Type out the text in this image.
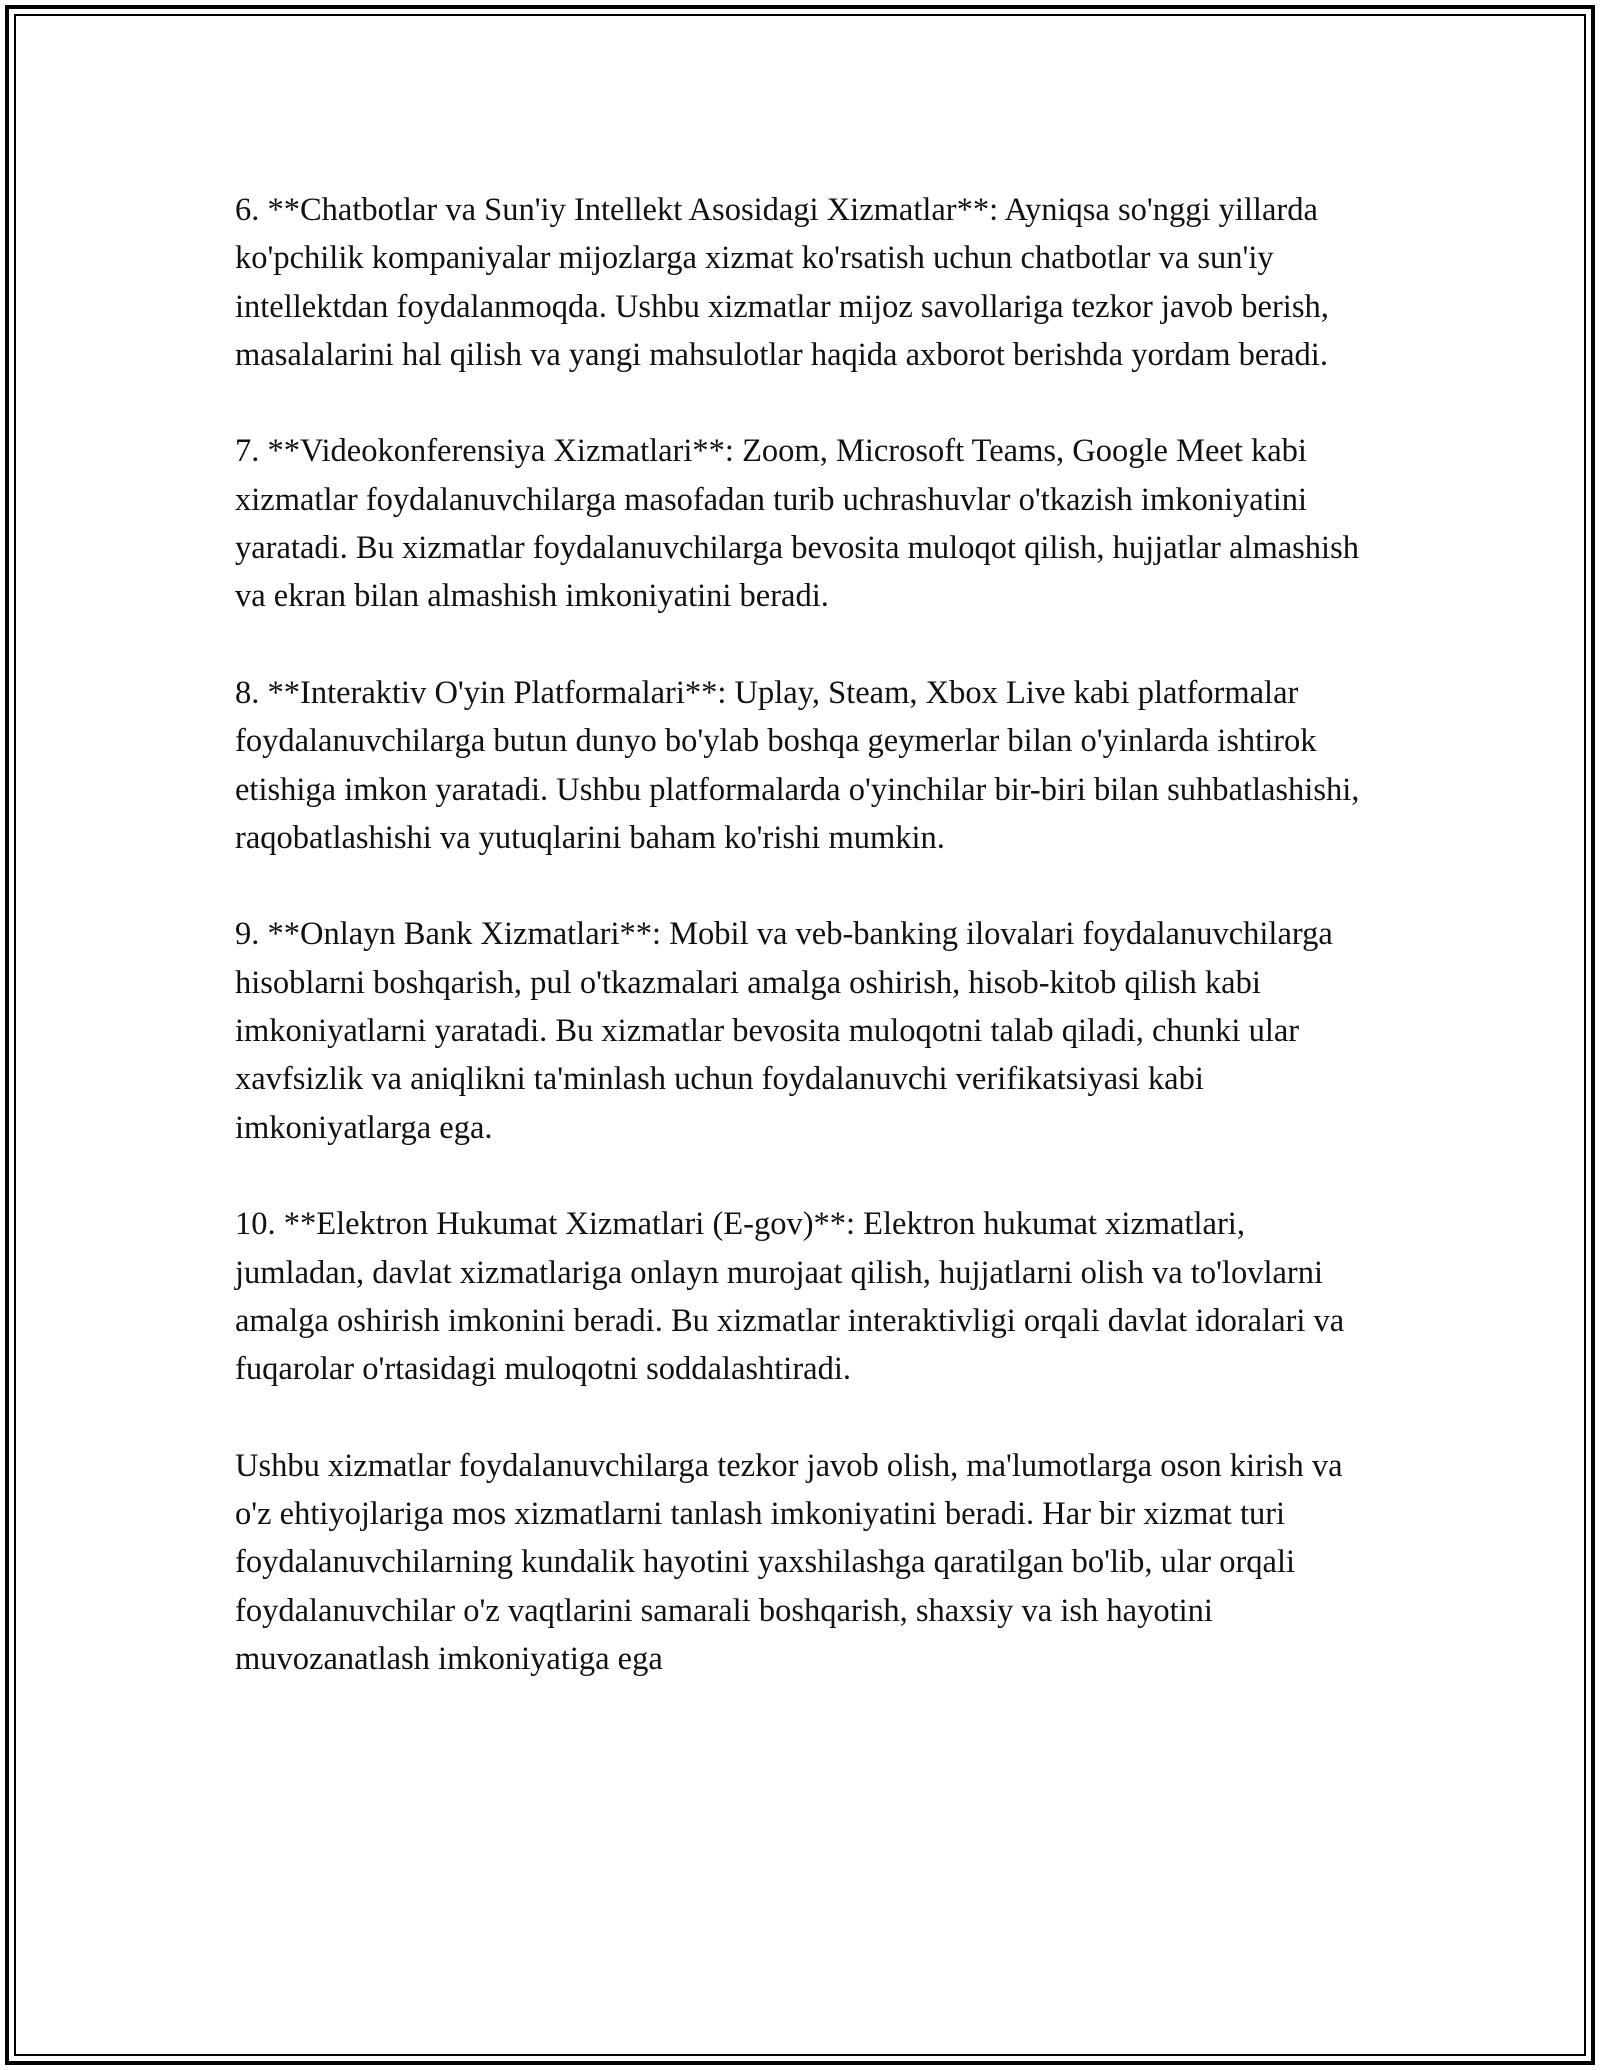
6. **Chatbotlar va Sun'iy Intellekt Asosidagi Xizmatlar**: Ayniqsa so'nggi yillarda ko'pchilik kompaniyalar mijozlarga xizmat ko'rsatish uchun chatbotlar va sun'iy intellektdan foydalanmoqda. Ushbu xizmatlar mijoz savollariga tezkor javob berish, masalalarini hal qilish va yangi mahsulotlar haqida axborot berishda yordam beradi.

7. **Videokonferensiya Xizmatlari**: Zoom, Microsoft Teams, Google Meet kabi xizmatlar foydalanuvchilarga masofadan turib uchrashuvlar o'tkazish imkoniyatini yaratadi. Bu xizmatlar foydalanuvchilarga bevosita muloqot qilish, hujjatlar almashish va ekran bilan almashish imkoniyatini beradi.

8. **Interaktiv O'yin Platformalari**: Uplay, Steam, Xbox Live kabi platformalar foydalanuvchilarga butun dunyo bo'ylab boshqa geymerlar bilan o'yinlarda ishtirok etishiga imkon yaratadi. Ushbu platformalarda o'yinchilar bir-biri bilan suhbatlashishi, raqobatlashishi va yutuqlarini baham ko'rishi mumkin.

9. **Onlayn Bank Xizmatlari**: Mobil va veb-banking ilovalari foydalanuvchilarga hisoblarni boshqarish, pul o'tkazmalari amalga oshirish, hisob-kitob qilish kabi imkoniyatlarni yaratadi. Bu xizmatlar bevosita muloqotni talab qiladi, chunki ular xavfsizlik va aniqlikni ta'minlash uchun foydalanuvchi verifikatsiyasi kabi imkoniyatlarga ega.

10. **Elektron Hukumat Xizmatlari (E-gov)**: Elektron hukumat xizmatlari, jumladan, davlat xizmatlariga onlayn murojaat qilish, hujjatlarni olish va to'lovlarni amalga oshirish imkonini beradi. Bu xizmatlar interaktivligi orqali davlat idoralari va fuqarolar o'rtasidagi muloqotni soddalashtiradi.

Ushbu xizmatlar foydalanuvchilarga tezkor javob olish, ma'lumotlarga oson kirish va o'z ehtiyojlariga mos xizmatlarni tanlash imkoniyatini beradi. Har bir xizmat turi foydalanuvchilarning kundalik hayotini yaxshilashga qaratilgan bo'lib, ular orqali foydalanuvchilar o'z vaqtlarini samarali boshqarish, shaxsiy va ish hayotini muvozanatlash imkoniyatiga ega
